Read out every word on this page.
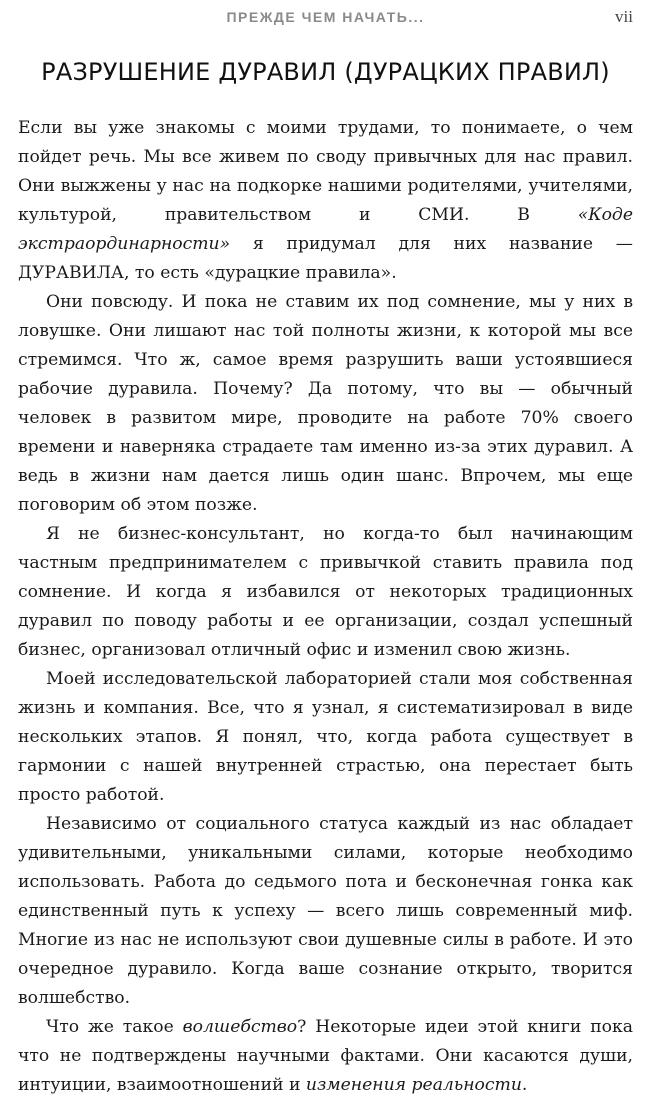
ПРЕЖДЕ ЧЕМ НАЧАТЬ...	vii
РАЗРУШЕНИЕ ДУРАВИЛ (ДУРАЦКИХ ПРАВИЛ)

Если вы уже знакомы с моими трудами, то понимаете, о чем пойдет речь. Мы все живем по своду привычных для нас правил. Они выжжены у нас на подкорке нашими родителями, учителями, культурой, правительством и СМИ. В «Коде экстраординарности» я придумал для них название — ДУРАВИЛА, то есть «дурацкие правила».

Они повсюду. И пока не ставим их под сомнение, мы у них в ловушке. Они лишают нас той полноты жизни, к которой мы все стремимся. Что ж, самое время разрушить ваши устоявшиеся рабочие дуравила. Почему? Да потому, что вы — обычный человек в развитом мире, проводите на работе 70% своего времени и наверняка страдаете там именно из-за этих дуравил. А ведь в жизни нам дается лишь один шанс. Впрочем, мы еще поговорим об этом позже.

Я не бизнес-консультант, но когда-то был начинающим частным предпринимателем с привычкой ставить правила под сомнение. И когда я избавился от некоторых традиционных дуравил по поводу работы и ее организации, создал успешный бизнес, организовал отличный офис и изменил свою жизнь.

Моей исследовательской лабораторией стали моя собственная жизнь и компания. Все, что я узнал, я систематизировал в виде нескольких этапов. Я понял, что, когда работа существует в гармонии с нашей внутренней страстью, она перестает быть просто работой.

Независимо от социального статуса каждый из нас обладает удивительными, уникальными силами, которые необходимо использовать. Работа до седьмого пота и бесконечная гонка как единственный путь к успеху — всего лишь современный миф. Многие из нас не используют свои душевные силы в работе. И это очередное дуравило. Когда ваше сознание открыто, творится волшебство.

Что же такое волшебство? Некоторые идеи этой книги пока что не подтверждены научными фактами. Они касаются души, интуиции, взаимоотношений и изменения реальности.
